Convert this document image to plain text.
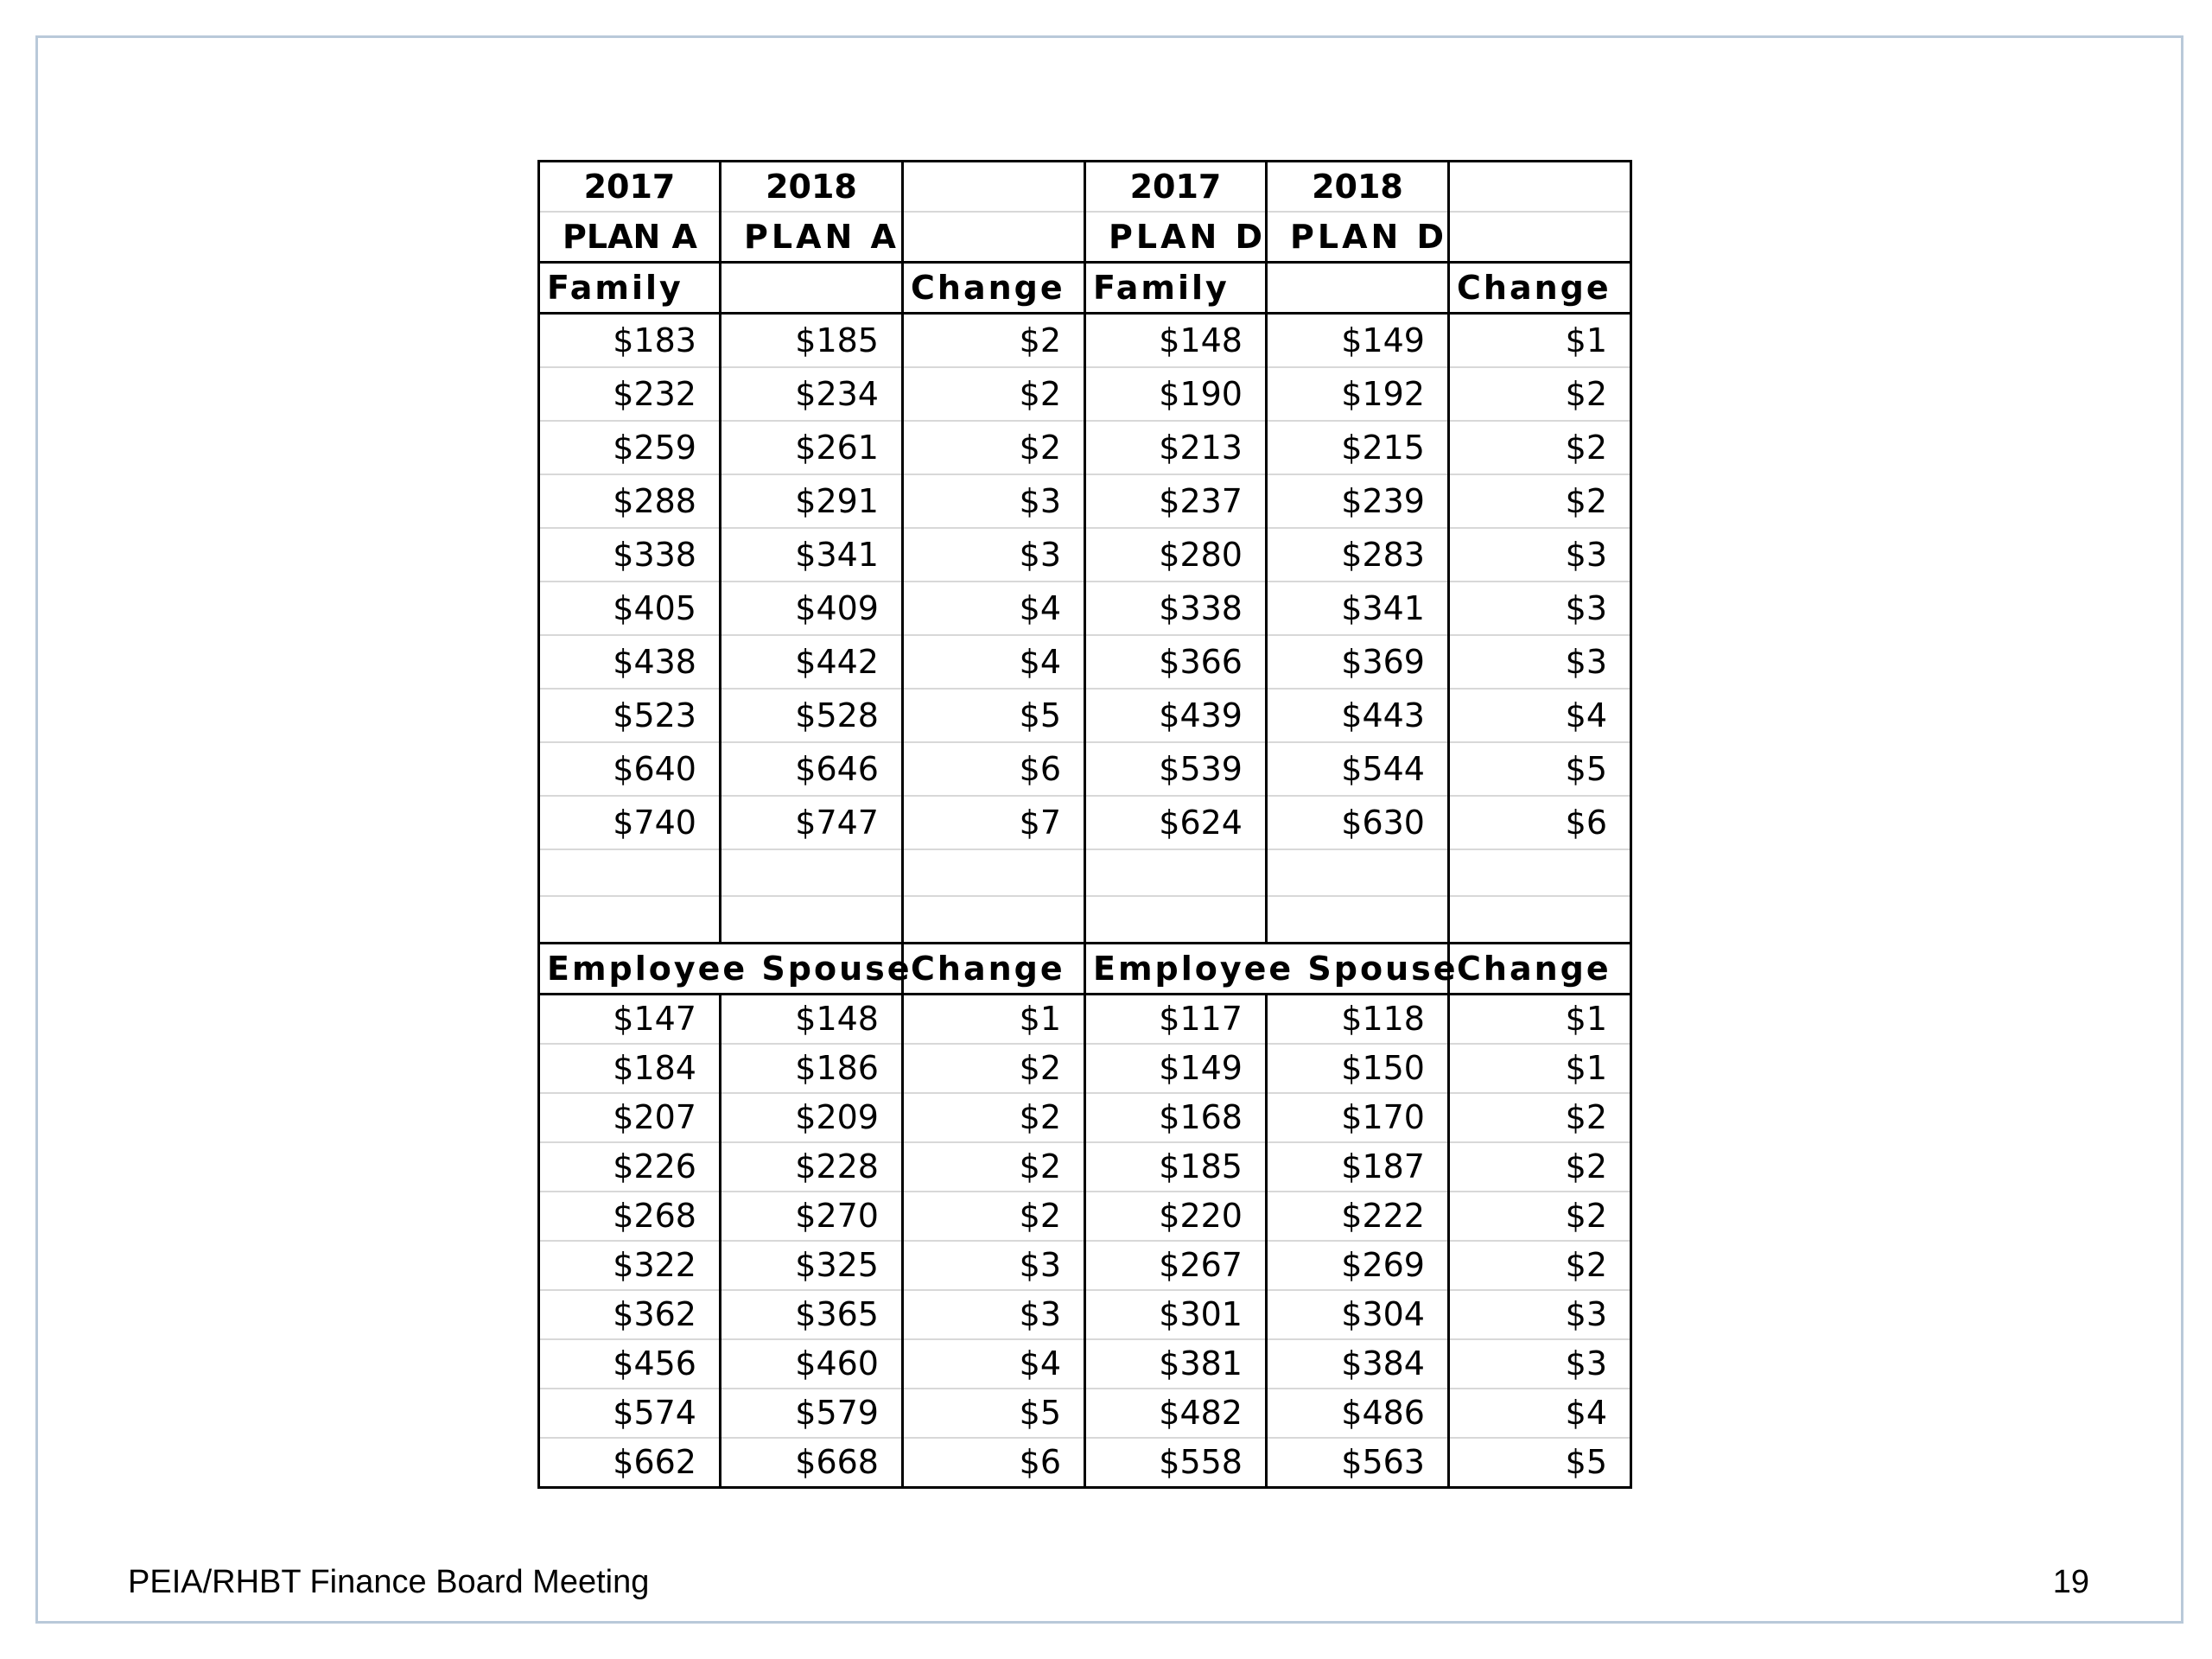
2017	2018		2017	2018	
PLAN A	PLAN A		PLAN D	PLAN D	
Family		Change	Family		Change
$183	$185	$2	$148	$149	$1
$232	$234	$2	$190	$192	$2
$259	$261	$2	$213	$215	$2
$288	$291	$3	$237	$239	$2
$338	$341	$3	$280	$283	$3
$405	$409	$4	$338	$341	$3
$438	$442	$4	$366	$369	$3
$523	$528	$5	$439	$443	$4
$640	$646	$6	$539	$544	$5
$740	$747	$7	$624	$630	$6

Employee Spouse		Change	Employee Spouse		Change
$147	$148	$1	$117	$118	$1
$184	$186	$2	$149	$150	$1
$207	$209	$2	$168	$170	$2
$226	$228	$2	$185	$187	$2
$268	$270	$2	$220	$222	$2
$322	$325	$3	$267	$269	$2
$362	$365	$3	$301	$304	$3
$456	$460	$4	$381	$384	$3
$574	$579	$5	$482	$486	$4
$662	$668	$6	$558	$563	$5
PEIA/RHBT Finance Board Meeting	19
